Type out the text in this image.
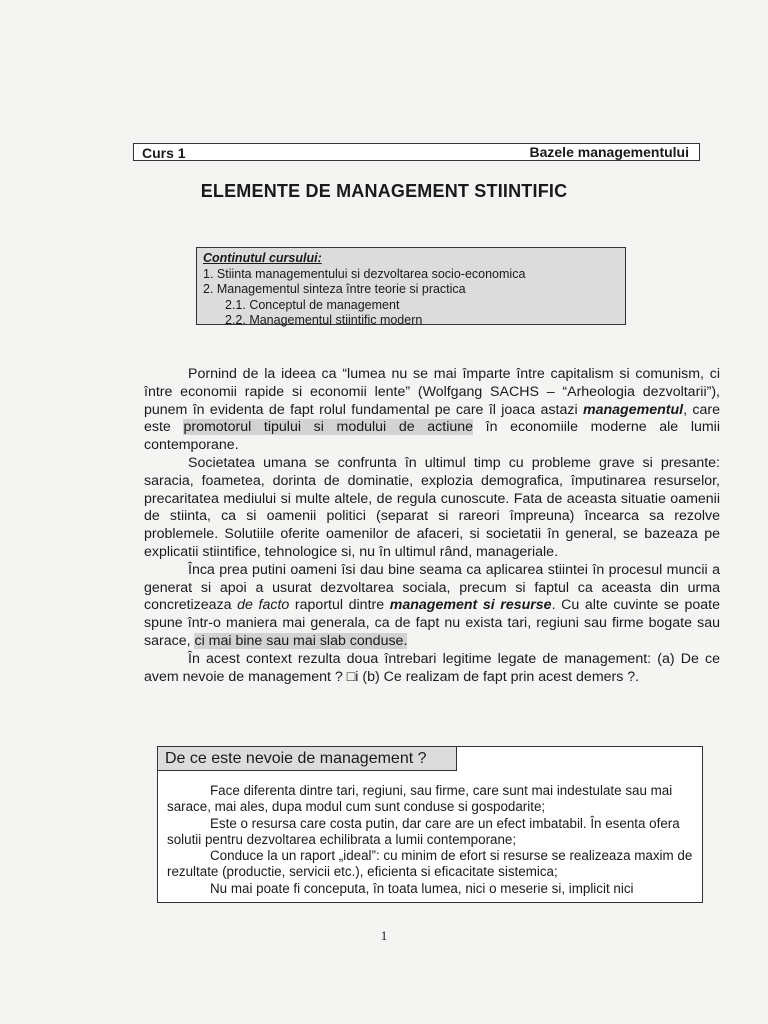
Curs 1	Bazele managementului
ELEMENTE DE MANAGEMENT STIINTIFIC
Continutul cursului:
1. Stiinta managementului si dezvoltarea socio-economica
2. Managementul sinteza între teorie si practica
2.1. Conceptul de management
2.2. Managementul stiintific modern

Pornind de la ideea ca “lumea nu se mai împarte între capitalism si comunism, ci între economii rapide si economii lente” (Wolfgang SACHS – “Arheologia dezvoltarii”), punem în evidenta de fapt rolul fundamental pe care îl joaca astazi managementul, care este promotorul tipului si modului de actiune în economiile moderne ale lumii contemporane.

Societatea umana se confrunta în ultimul timp cu probleme grave si presante: saracia, foametea, dorinta de dominatie, explozia demografica, împutinarea resurselor, precaritatea mediului si multe altele, de regula cunoscute. Fata de aceasta situatie oamenii de stiinta, ca si oamenii politici (separat si rareori împreuna) încearca sa rezolve problemele. Solutiile oferite oamenilor de afaceri, si societatii în general, se bazeaza pe explicatii stiintifice, tehnologice si, nu în ultimul rând, manageriale.

Înca prea putini oameni îsi dau bine seama ca aplicarea stiintei în procesul muncii a generat si apoi a usurat dezvoltarea sociala, precum si faptul ca aceasta din urma concretizeaza de facto raportul dintre management si resurse. Cu alte cuvinte se poate spune într-o maniera mai generala, ca de fapt nu exista tari, regiuni sau firme bogate sau sarace, ci mai bine sau mai slab conduse.

În acest context rezulta doua întrebari legitime legate de management: (a) De ce avem nevoie de management ? □i (b) Ce realizam de fapt prin acest demers ?.

De ce este nevoie de management ?

Face diferenta dintre tari, regiuni, sau firme, care sunt mai indestulate sau mai sarace, mai ales, dupa modul cum sunt conduse si gospodarite;

Este o resursa care costa putin, dar care are un efect imbatabil. În esenta ofera solutii pentru dezvoltarea echilibrata a lumii contemporane;

Conduce la un raport „ideal”: cu minim de efort si resurse se realizeaza maxim de rezultate (productie, servicii etc.), eficienta si eficacitate sistemica;

Nu mai poate fi conceputa, în toata lumea, nici o meserie si, implicit nici

1
